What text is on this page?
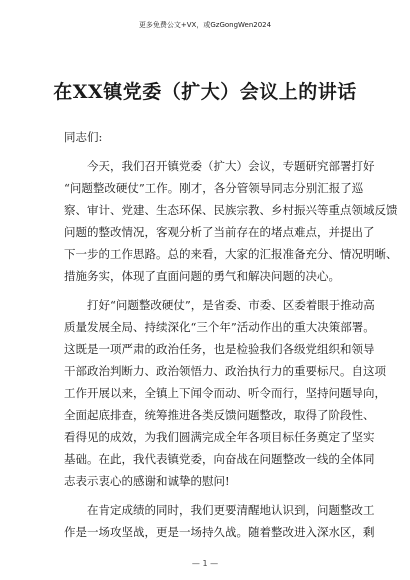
更多免费公文+VX，或GzGongWen2024
在XX镇党委（扩大）会议上的讲话
同志们:
今天，我们召开镇党委（扩大）会议，专题研究部署打好
“问题整改硬仗”工作。刚才，各分管领导同志分别汇报了巡
察、审计、党建、生态环保、民族宗教、乡村振兴等重点领域反馈
问题的整改情况，客观分析了当前存在的堵点难点，并提出了
下一步的工作思路。总的来看，大家的汇报准备充分、情况明晰、
措施务实，体现了直面问题的勇气和解决问题的决心。
打好“问题整改硬仗”，是省委、市委、区委着眼于推动高
质量发展全局、持续深化“三个年”活动作出的重大决策部署。
这既是一项严肃的政治任务，也是检验我们各级党组织和领导
干部政治判断力、政治领悟力、政治执行力的重要标尺。自这项
工作开展以来，全镇上下闻令而动、听令而行，坚持问题导向，
全面起底排查，统筹推进各类反馈问题整改，取得了阶段性、
看得见的成效，为我们圆满完成全年各项目标任务奠定了坚实
基础。在此，我代表镇党委，向奋战在问题整改一线的全体同
志表示衷心的感谢和诚挚的慰问!
在肯定成绩的同时，我们更要清醒地认识到，问题整改工
作是一场攻坚战，更是一场持久战。随着整改进入深水区，剩
— 1 —
